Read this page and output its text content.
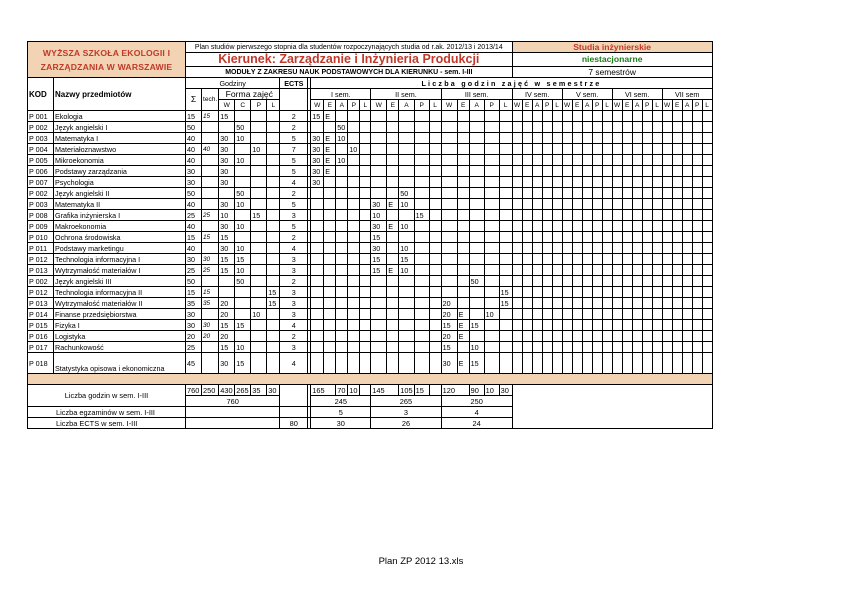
WYŻSZA SZKOŁA EKOLOGII I
ZARZĄDZANIA W WARSZAWIE		Plan studiów pierwszego stopnia dla studentów rozpoczynających studia od r.ak. 2012/13 i 2013/14																							Studia inżynierskie																			
		Kierunek: Zarządzanie i Inżynieria Produkcji																							niestacjonarne																			
		MODUŁY Z ZAKRESU NAUK PODSTAWOWYCH DLA KIERUNKU - sem. I-III																							7 semestrów																			
KOD	Nazwy przedmiotów	Godziny						ECTS		Liczba godzin zajęć w semestrze																																		
		Σ	tech.	Forma zajęć						I sem.					II sem.					III sem.					IV sem.					V sem.					VI sem.					VII sem				
				W	C	P	L			W	E	A	P	L	W	E	A	P	L	W	E	A	P	L	W	E	A	P	L	W	E	A	P	L	W	E	A	P	L	W	E	A	P	L
P 001	Ekologia	15	15	15				2		15	E																																	
P 002	Język angielski I	50			50			2				50																																
P 003	Matematyka I	40		30	10			5		30	E	10																																
P 004	Materiałoznawstwo	40	40	30		10		7		30	E		10																															
P 005	Mikroekonomia	40		30	10			5		30	E	10																																
P 006	Podstawy zarządzania	30		30				5		30	E																																	
P 007	Psychologia	30		30				4		30																																		
P 002	Język angielski II	50			50			2									50																											
P 003	Matematyka II	40		30	10			5							30	E	10																											
P 008	Grafika inżynierska I	25	25	10		15		3							10			15																										
P 009	Makroekonomia	40		30	10			5							30	E	10																											
P 010	Ochrona środowiska	15	15	15				2							15																													
P 011	Podstawy marketingu	40		30	10			4							30		10																											
P 012	Technologia informacyjna I	30	30	15	15			3							15		15																											
P 013	Wytrzymałość materiałów I	25	25	15	10			3							15	E	10																											
P 002	Język angielski III	50			50			2														50																						
P 012	Technologia informacyjna II	15	15				15	3																15																				
P 013	Wytrzymałość materiałów II	35	35	20			15	3												20				15																				
P 014	Finanse przedsiębiorstwa	30		20		10		3												20	E		10																					
P 015	Fizyka I	30	30	15	15			4												15	E	15																						
P 016	Logistyka	20	20	20				2												20	E																							
P 017	Rachunkowość	25		15	10			3												15		10																						
P 018	Statystyka opisowa i ekonomiczna	45		30	15			4												30	E	15																						

Liczba godzin w sem. I-III		760	250	430	265	35	30			165		70	10		145		105	15		120		90	10	30																				
		760								245					265					250																								
Liczba egzaminów w sem. I-III										5					3					4																								
Liczba ECTS w sem. I-III								80		30					26					24																								
Plan ZP 2012 13.xls
